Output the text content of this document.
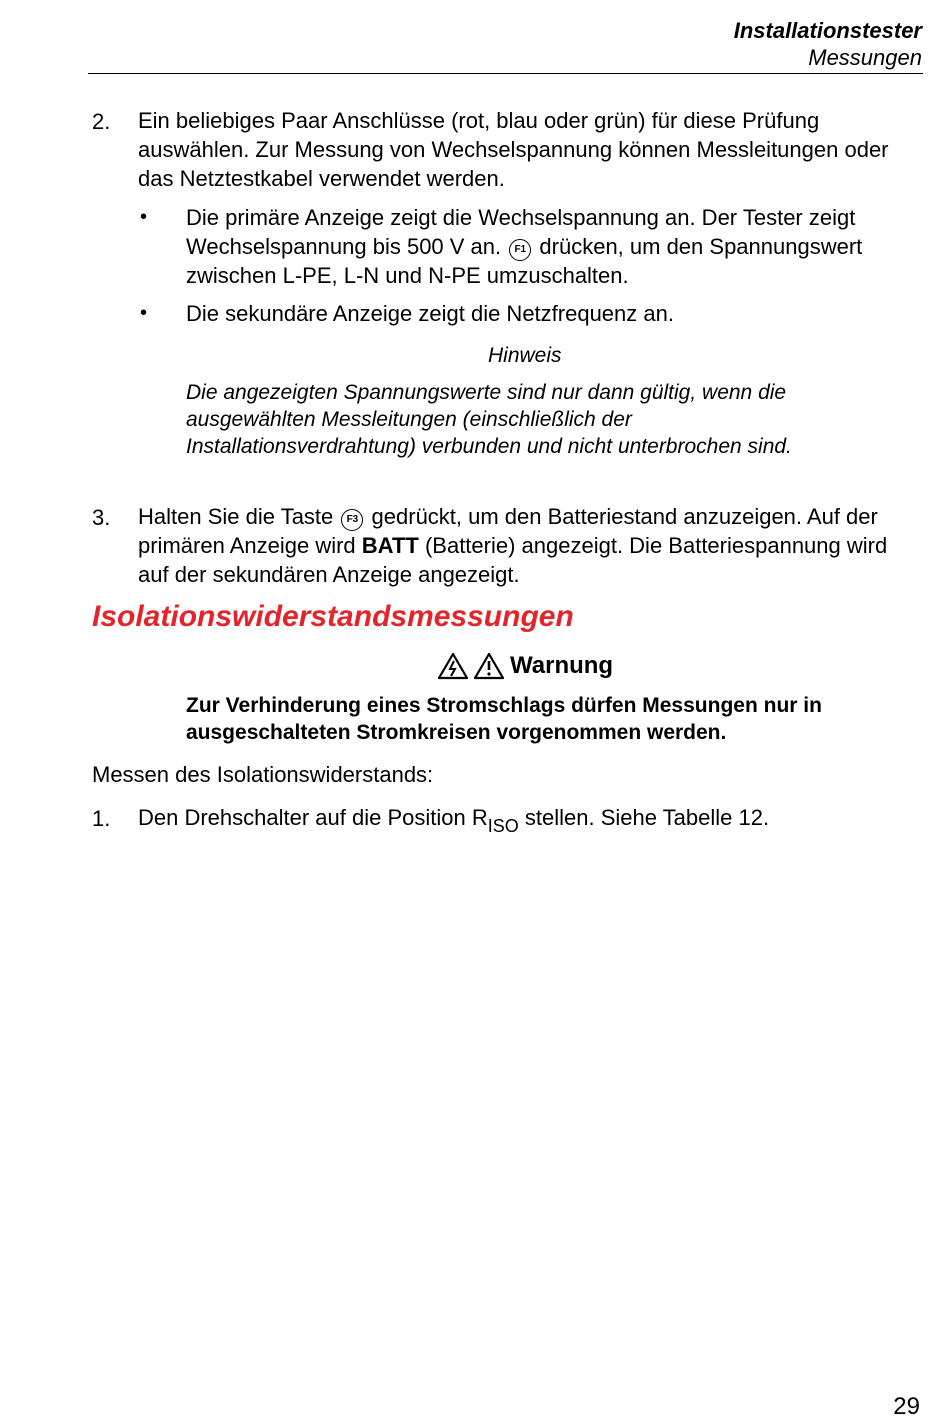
Installationstester
Messungen
2. Ein beliebiges Paar Anschlüsse (rot, blau oder grün) für diese Prüfung auswählen. Zur Messung von Wechselspannung können Messleitungen oder das Netztestkabel verwendet werden.
• Die primäre Anzeige zeigt die Wechselspannung an. Der Tester zeigt Wechselspannung bis 500 V an. F1 drücken, um den Spannungswert zwischen L-PE, L-N und N-PE umzuschalten.
• Die sekundäre Anzeige zeigt die Netzfrequenz an.
Hinweis
Die angezeigten Spannungswerte sind nur dann gültig, wenn die ausgewählten Messleitungen (einschließlich der Installationsverdrahtung) verbunden und nicht unterbrochen sind.
3. Halten Sie die Taste F3 gedrückt, um den Batteriestand anzuzeigen. Auf der primären Anzeige wird BATT (Batterie) angezeigt. Die Batteriespannung wird auf der sekundären Anzeige angezeigt.
Isolationswiderstandsmessungen
Warnung
Zur Verhinderung eines Stromschlags dürfen Messungen nur in ausgeschalteten Stromkreisen vorgenommen werden.
Messen des Isolationswiderstands:
1. Den Drehschalter auf die Position $R_{ISO}$ stellen. Siehe Tabelle 12.
29
